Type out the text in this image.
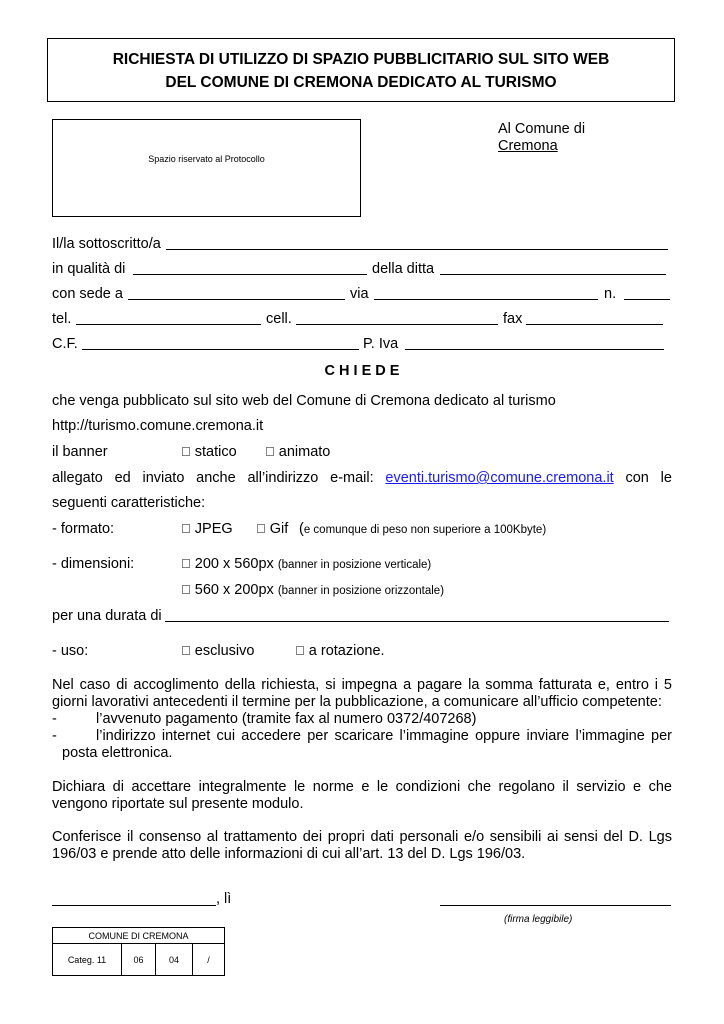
RICHIESTA DI UTILIZZO DI SPAZIO PUBBLICITARIO SUL SITO WEB
DEL COMUNE DI CREMONA DEDICATO AL TURISMO
Spazio riservato al Protocollo
Al Comune di
Cremona
Il/la sottoscritto/a
in qualità di	della ditta
con sede a	via	n.
tel.	cell.	fax
C.F.	P. Iva
C H I E D E
che venga pubblicato sul sito web del Comune di Cremona dedicato al turismo
http://turismo.comune.cremona.it
il banner	statico	animato
allegato ed inviato anche all’indirizzo e-mail: eventi.turismo@comune.cremona.it con le
seguenti caratteristiche:
- formato:	JPEG	Gif (e comunque di peso non superiore a 100Kbyte)
- dimensioni:	200 x 560px (banner in posizione verticale)
560 x 200px (banner in posizione orizzontale)
per una durata di
- uso:	esclusivo	a rotazione.
Nel caso di accoglimento della richiesta, si impegna a pagare la somma fatturata e, entro i 5 giorni lavorativi antecedenti il termine per la pubblicazione, a comunicare all’ufficio competente:
-	l’avvenuto pagamento (tramite fax al numero 0372/407268)
-	l’indirizzo internet cui accedere per scaricare l’immagine oppure inviare l’immagine per
posta elettronica.
Dichiara di accettare integralmente le norme e le condizioni che regolano il servizio e che vengono riportate sul presente modulo.
Conferisce il consenso al trattamento dei propri dati personali e/o sensibili ai sensi del D. Lgs 196/03 e prende atto delle informazioni di cui all’art. 13 del D. Lgs 196/03.
, lì
(firma leggibile)
COMUNE DI CREMONA
Categ. 11	06	04	/
